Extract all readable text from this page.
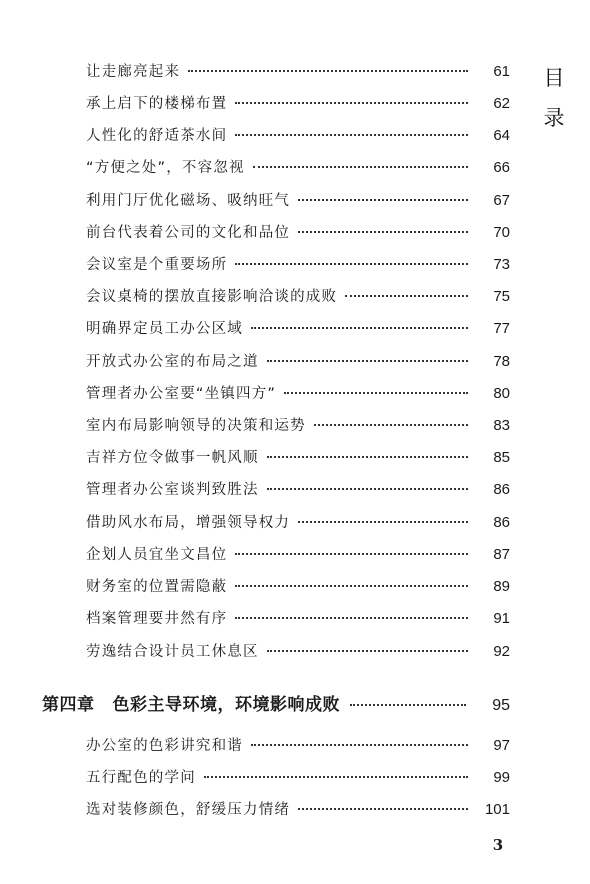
目
录
让走廊亮起来	61
承上启下的楼梯布置	62
人性化的舒适茶水间	64
“方便之处”，不容忽视	66
利用门厅优化磁场、吸纳旺气	67
前台代表着公司的文化和品位	70
会议室是个重要场所	73
会议桌椅的摆放直接影响洽谈的成败	75
明确界定员工办公区域	77
开放式办公室的布局之道	78
管理者办公室要“坐镇四方”	80
室内布局影响领导的决策和运势	83
吉祥方位令做事一帆风顺	85
管理者办公室谈判致胜法	86
借助风水布局，增强领导权力	86
企划人员宜坐文昌位	87
财务室的位置需隐蔽	89
档案管理要井然有序	91
劳逸结合设计员工休息区	92
第四章 色彩主导环境，环境影响成败	95
办公室的色彩讲究和谐	97
五行配色的学问	99
选对装修颜色，舒缓压力情绪	101
3
